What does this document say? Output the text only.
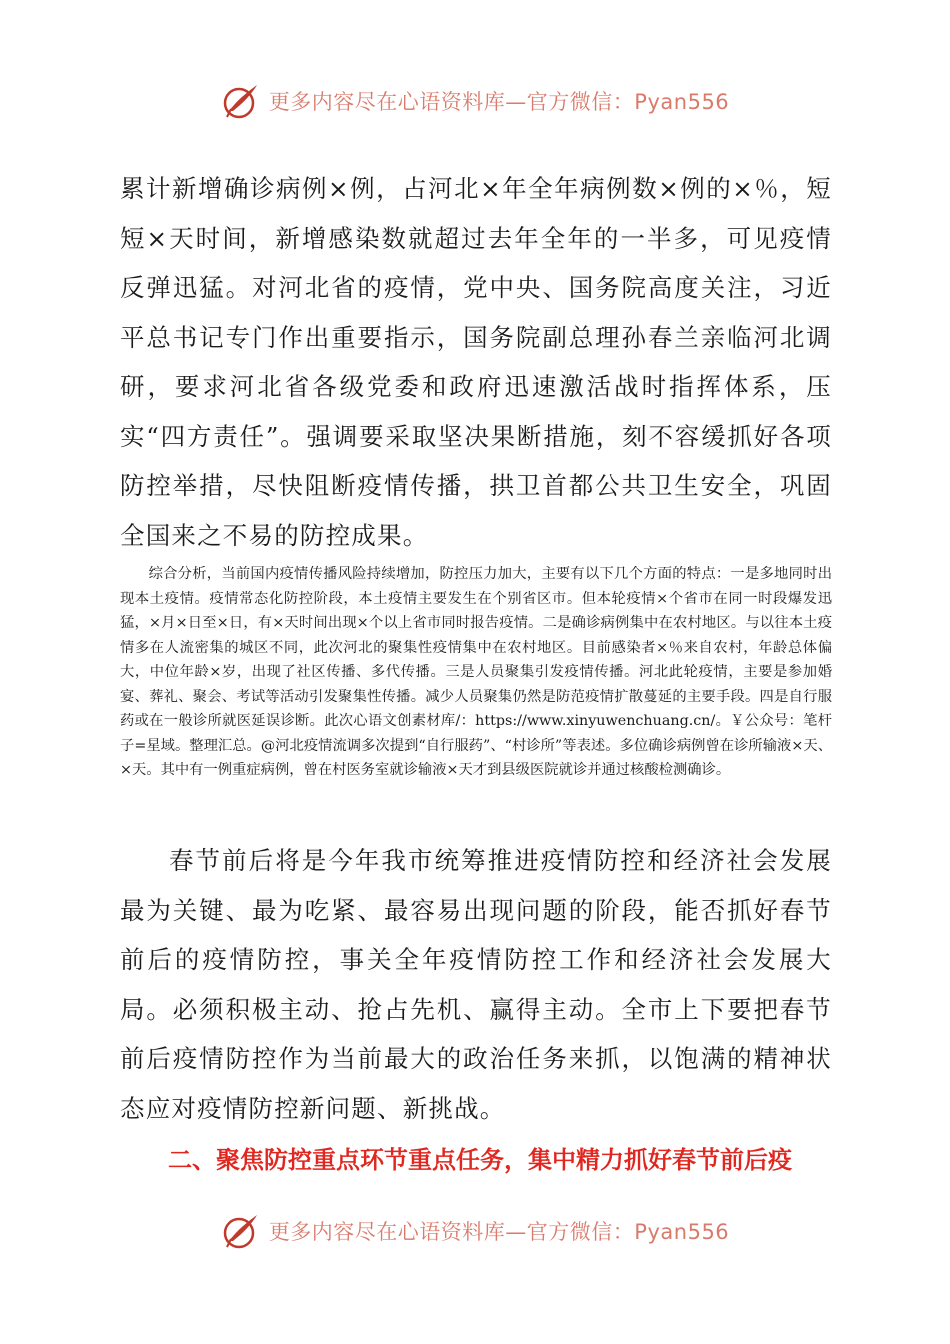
更多内容尽在心语资料库—官方微信：Pyan556

累计新增确诊病例×例，占河北×年全年病例数×例的×％，短短×天时间，新增感染数就超过去年全年的一半多，可见疫情反弹迅猛。对河北省的疫情，党中央、国务院高度关注，习近平总书记专门作出重要指示，国务院副总理孙春兰亲临河北调研，要求河北省各级党委和政府迅速激活战时指挥体系，压实“四方责任”。强调要采取坚决果断措施，刻不容缓抓好各项防控举措，尽快阻断疫情传播，拱卫首都公共卫生安全，巩固全国来之不易的防控成果。

综合分析，当前国内疫情传播风险持续增加，防控压力加大，主要有以下几个方面的特点：一是多地同时出现本土疫情。疫情常态化防控阶段，本土疫情主要发生在个别省区市。但本轮疫情×个省市在同一时段爆发迅猛，×月×日至×日，有×天时间出现×个以上省市同时报告疫情。二是确诊病例集中在农村地区。与以往本土疫情多在人流密集的城区不同，此次河北的聚集性疫情集中在农村地区。目前感染者×％来自农村，年龄总体偏大，中位年龄×岁，出现了社区传播、多代传播。三是人员聚集引发疫情传播。河北此轮疫情，主要是参加婚宴、葬礼、聚会、考试等活动引发聚集性传播。减少人员聚集仍然是防范疫情扩散蔓延的主要手段。四是自行服药或在一般诊所就医延误诊断。此次心语文创素材库/：https://www.xinyuwenchuang.cn/。￥公众号：笔杆子=星域。整理汇总。@河北疫情流调多次提到“自行服药”、“村诊所”等表述。多位确诊病例曾在诊所输液×天、×天。其中有一例重症病例，曾在村医务室就诊输液×天才到县级医院就诊并通过核酸检测确诊。

春节前后将是今年我市统筹推进疫情防控和经济社会发展最为关键、最为吃紧、最容易出现问题的阶段，能否抓好春节前后的疫情防控，事关全年疫情防控工作和经济社会发展大局。必须积极主动、抢占先机、赢得主动。全市上下要把春节前后疫情防控作为当前最大的政治任务来抓，以饱满的精神状态应对疫情防控新问题、新挑战。

二、聚焦防控重点环节重点任务，集中精力抓好春节前后疫
更多内容尽在心语资料库—官方微信：Pyan556
